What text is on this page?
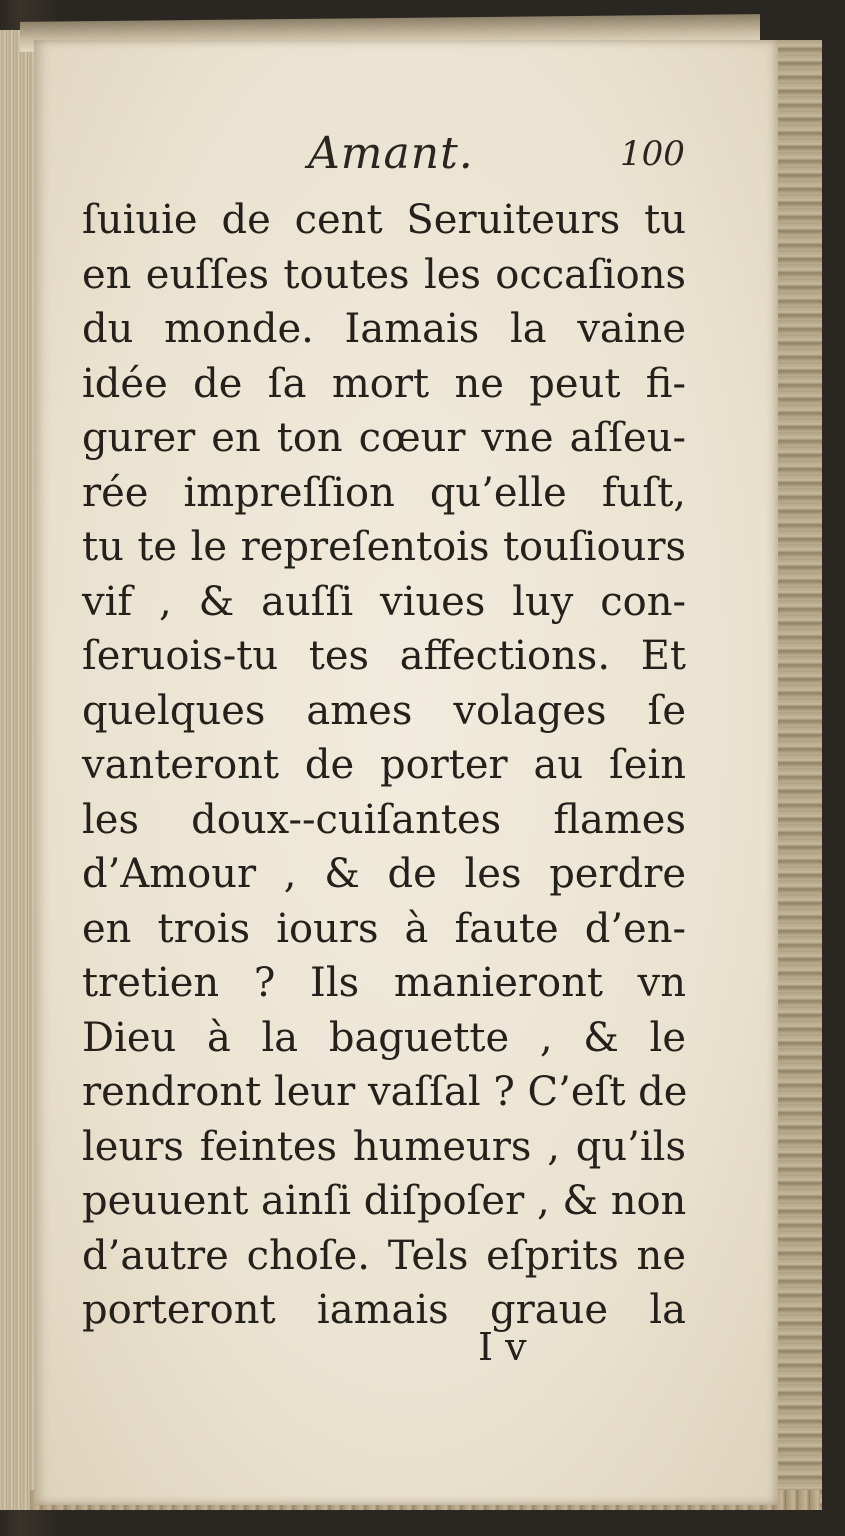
Amant.	100
ſuiuie de cent Seruiteurs tu
en euſſes toutes les occaſions
du monde. Iamais la vaine
idée de ſa mort ne peut fi-
gurer en ton cœur vne aſſeu-
rée impreſſion qu’elle fuſt,
tu te le repreſentois touſiours
vif , & auſſi viues luy con-
ſeruois-tu tes affections. Et
quelques ames volages ſe
vanteront de porter au ſein
les doux--cuiſantes flames
d’Amour , & de les perdre
en trois iours à faute d’en-
tretien ? Ils manieront vn
Dieu à la baguette , & le
rendront leur vaſſal ? C’eſt de
leurs feintes humeurs , qu’ils
peuuent ainſi diſpoſer , & non
d’autre choſe. Tels eſprits ne
porteront iamais graue la
I v
